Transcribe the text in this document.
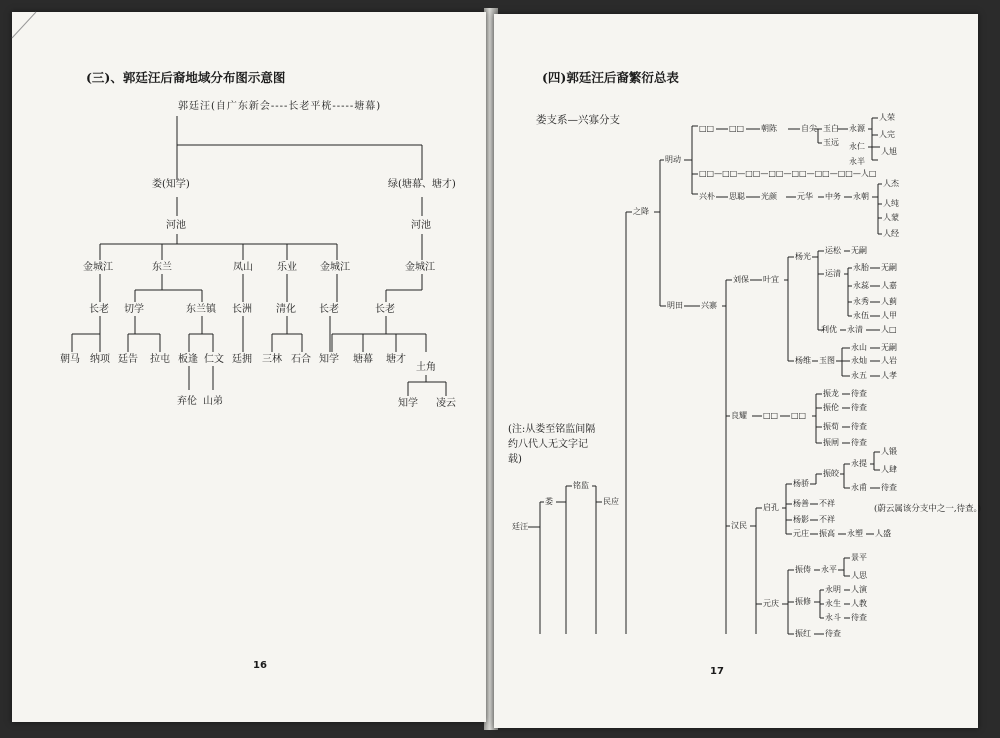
(三)、郭廷汪后裔地域分布图示意图
郭廷汪(自广东新会----长老平桄-----塘幕)
娄(知学)	绿(塘幕、塘才)
河池	河池
金城江	东兰	凤山 乐业 金城江	金城江
长老 切学	东兰镇 长洲 清化 长老	长老
朝马 纳项 廷告 拉屯 板逢 仁文 廷拥 三林 石合 知学 塘幕 塘才
土角
弃伦 山弟	知学 凌云
16
(四)郭廷汪后裔繁衍总表
娄支系—兴寡分支
(注:从娄至铭监间隔约八代人无文字记载)
(蔚云属该分支中之一,待查。)
廷汪
娄
铭监
民应
之降
明动
明田 兴寨
□□ □□ 朝陈	自尖 玉白
玉远
永源
永仁
永半
人荣
人完
人旭
□□—□□—□□—□□—□□—□□—□□—人□
兴朴 思聪 光颜	元华 中务 永朝
人杰
人纯
人蒙
人经
刘保 叶宜
杨光
运松 无嗣
运清
永胎 无嗣
永蕊 人嘉
永秀 人蓟
永伍 人甲
利优 永清 人□
杨维 玉图
永山 无嗣
永灿 人岩
永五 人孝
良耀 □□ □□
振龙 待查
振伦 待查
振荀 待查
振闸 待查
汉民
启孔
杨骄
振皎
永提
人锻
人肆
永甫 待查
杨善 不祥
杨影 不祥
元庄 振高 永塑 人盛
元庆
振俦 永平
景平
人思
振修
永明 人演
永生 人教
永斗 待查
振红 待查
17
